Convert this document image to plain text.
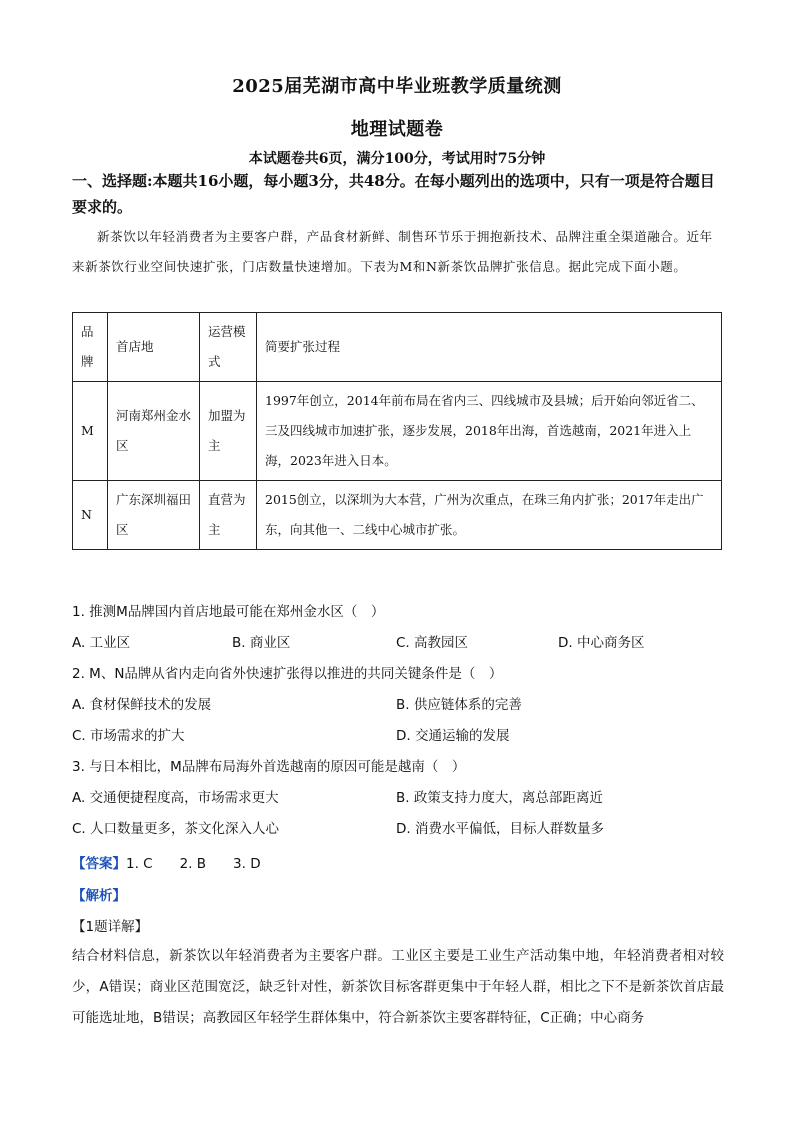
2025届芜湖市高中毕业班教学质量统测
地理试题卷
本试题卷共6页，满分100分，考试用时75分钟
一、选择题:本题共16小题，每小题3分，共48分。在每小题列出的选项中，只有一项是符合题目要求的。
新茶饮以年轻消费者为主要客户群，产品食材新鲜、制售环节乐于拥抱新技术、品牌注重全渠道融合。近年来新茶饮行业空间快速扩张，门店数量快速增加。下表为M和N新茶饮品牌扩张信息。据此完成下面小题。
品牌	首店地	运营模式	简要扩张过程
M	河南郑州金水区	加盟为主	1997年创立，2014年前布局在省内三、四线城市及县城；后开始向邻近省二、三及四线城市加速扩张，逐步发展，2018年出海，首选越南，2021年进入上海，2023年进入日本。
N	广东深圳福田区	直营为主	2015创立，以深圳为大本营，广州为次重点，在珠三角内扩张；2017年走出广东，向其他一、二线中心城市扩张。
1. 推测M品牌国内首店地最可能在郑州金水区（　）
A. 工业区	B. 商业区	C. 高教园区	D. 中心商务区
2. M、N品牌从省内走向省外快速扩张得以推进的共同关键条件是（　）
A. 食材保鲜技术的发展	B. 供应链体系的完善
C. 市场需求的扩大	D. 交通运输的发展
3. 与日本相比，M品牌布局海外首选越南的原因可能是越南（　）
A. 交通便捷程度高，市场需求更大	B. 政策支持力度大，离总部距离近
C. 人口数量更多，茶文化深入人心	D. 消费水平偏低，目标人群数量多
【答案】1. C　　2. B　　3. D
【解析】
【1题详解】
结合材料信息，新茶饮以年轻消费者为主要客户群。工业区主要是工业生产活动集中地，年轻消费者相对较少，A错误；商业区范围宽泛，缺乏针对性，新茶饮目标客群更集中于年轻人群，相比之下不是新茶饮首店最可能选址地，B错误；高教园区年轻学生群体集中，符合新茶饮主要客群特征，C正确；中心商务
